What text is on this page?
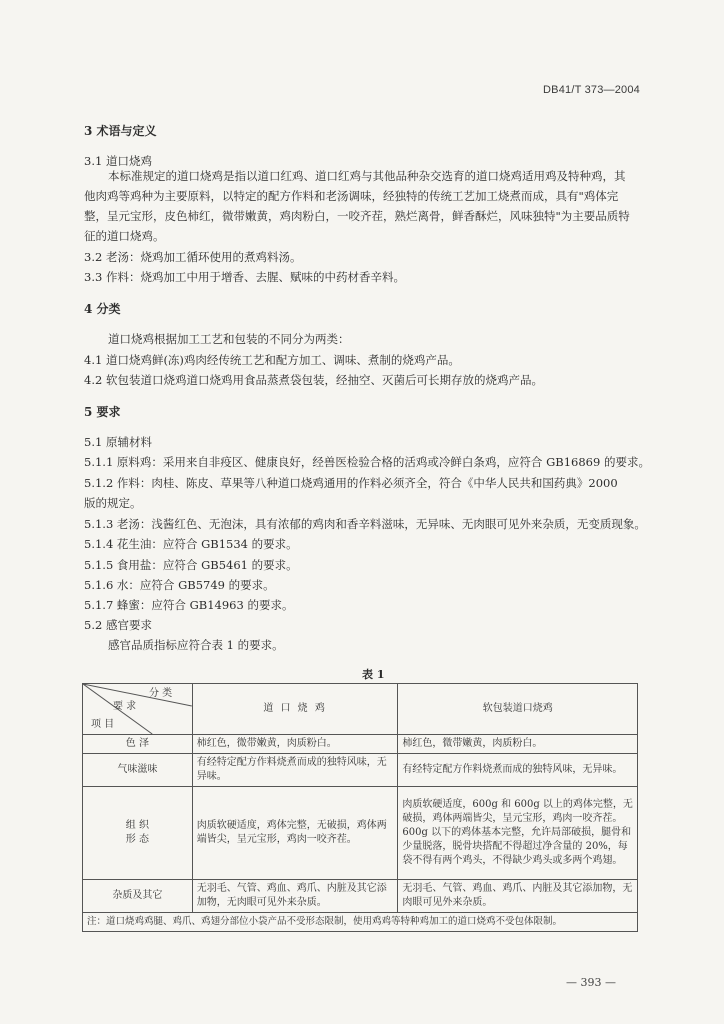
DB41/T 373—2004
3 术语与定义
3.1 道口烧鸡
本标准规定的道口烧鸡是指以道口红鸡、道口红鸡与其他品种杂交选育的道口烧鸡适用鸡及特种鸡，其他肉鸡等鸡种为主要原料，以特定的配方作料和老汤调味，经独特的传统工艺加工烧煮而成，具有"鸡体完整，呈元宝形，皮色柿红，微带嫩黄，鸡肉粉白，一咬齐茬，熟烂离骨，鲜香酥烂，风味独特"为主要品质特征的道口烧鸡。
3.2 老汤：烧鸡加工循环使用的煮鸡料汤。
3.3 作料：烧鸡加工中用于增香、去腥、赋味的中药材香辛料。
4 分类
道口烧鸡根据加工工艺和包装的不同分为两类：
4.1 道口烧鸡鲜(冻)鸡肉经传统工艺和配方加工、调味、煮制的烧鸡产品。
4.2 软包装道口烧鸡道口烧鸡用食品蒸煮袋包装，经抽空、灭菌后可长期存放的烧鸡产品。
5 要求
5.1 原辅材料
5.1.1 原料鸡：采用来自非疫区、健康良好，经兽医检验合格的活鸡或冷鲜白条鸡，应符合 GB16869 的要求。
5.1.2 作料：肉桂、陈皮、草果等八种道口烧鸡通用的作料必须齐全，符合《中华人民共和国药典》2000
版的规定。
5.1.3 老汤：浅酱红色、无泡沫，具有浓郁的鸡肉和香辛料滋味，无异味、无肉眼可见外来杂质，无变质现象。
5.1.4 花生油：应符合 GB1534 的要求。
5.1.5 食用盐：应符合 GB5461 的要求。
5.1.6 水：应符合 GB5749 的要求。
5.1.7 蜂蜜：应符合 GB14963 的要求。
5.2 感官要求
感官品质指标应符合表 1 的要求。
表 1
分 类
要 求
项 目	道 口 烧 鸡	软包装道口烧鸡
色 泽	柿红色，微带嫩黄，肉质粉白。	柿红色，微带嫩黄，肉质粉白。
气味滋味	有经特定配方作料烧煮而成的独特风味，无异味。	有经特定配方作料烧煮而成的独特风味，无异味。
组 织
形 态	肉质软硬适度，鸡体完整，无破损，鸡体两端皆尖，呈元宝形，鸡肉一咬齐茬。	肉质软硬适度，600g 和 600g 以上的鸡体完整，无破损，鸡体两端皆尖，呈元宝形，鸡肉一咬齐茬。600g 以下的鸡体基本完整，允许局部破损，腿骨和少量脱落，脱骨块搭配不得超过净含量的 20%，每袋不得有两个鸡头，不得缺少鸡头或多两个鸡翅。
杂质及其它	无羽毛、气管、鸡血、鸡爪、内脏及其它添加物，无肉眼可见外来杂质。	无羽毛、气管、鸡血、鸡爪、内脏及其它添加物，无肉眼可见外来杂质。
注：道口烧鸡鸡腿、鸡爪、鸡翅分部位小袋产品不受形态限制，使用鸡鸡等特种鸡加工的道口烧鸡不受包体限制。		
— 393 —
